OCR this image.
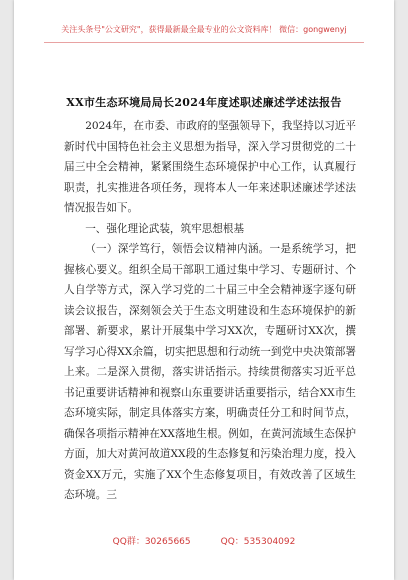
关注头条号"公文研究"，获得最新最全最专业的公文资料库！ 微信：gongwenyj
XX市生态环境局局长2024年度述职述廉述学述法报告

2024年，在市委、市政府的坚强领导下，我坚持以习近平新时代中国特色社会主义思想为指导，深入学习贯彻党的二十届三中全会精神，紧紧围绕生态环境保护中心工作，认真履行职责，扎实推进各项任务，现将本人一年来述职述廉述学述法情况报告如下。

一、强化理论武装，筑牢思想根基

（一）深学笃行，领悟会议精神内涵。一是系统学习，把握核心要义。组织全局干部职工通过集中学习、专题研讨、个人自学等方式，深入学习党的二十届三中全会精神逐字逐句研读会议报告，深刻领会关于生态文明建设和生态环境保护的新部署、新要求，累计开展集中学习XX次，专题研讨XX次，撰写学习心得XX余篇，切实把思想和行动统一到党中央决策部署上来。二是深入贯彻，落实讲话指示。持续贯彻落实习近平总书记重要讲话精神和视察山东重要讲话重要指示，结合XX市生态环境实际，制定具体落实方案，明确责任分工和时间节点，确保各项指示精神在XX落地生根。例如，在黄河流域生态保护方面，加大对黄河故道XX段的生态修复和污染治理力度，投入资金XX万元，实施了XX个生态修复项目，有效改善了区域生态环境。三

QQ群：30265665	QQ：535304092
